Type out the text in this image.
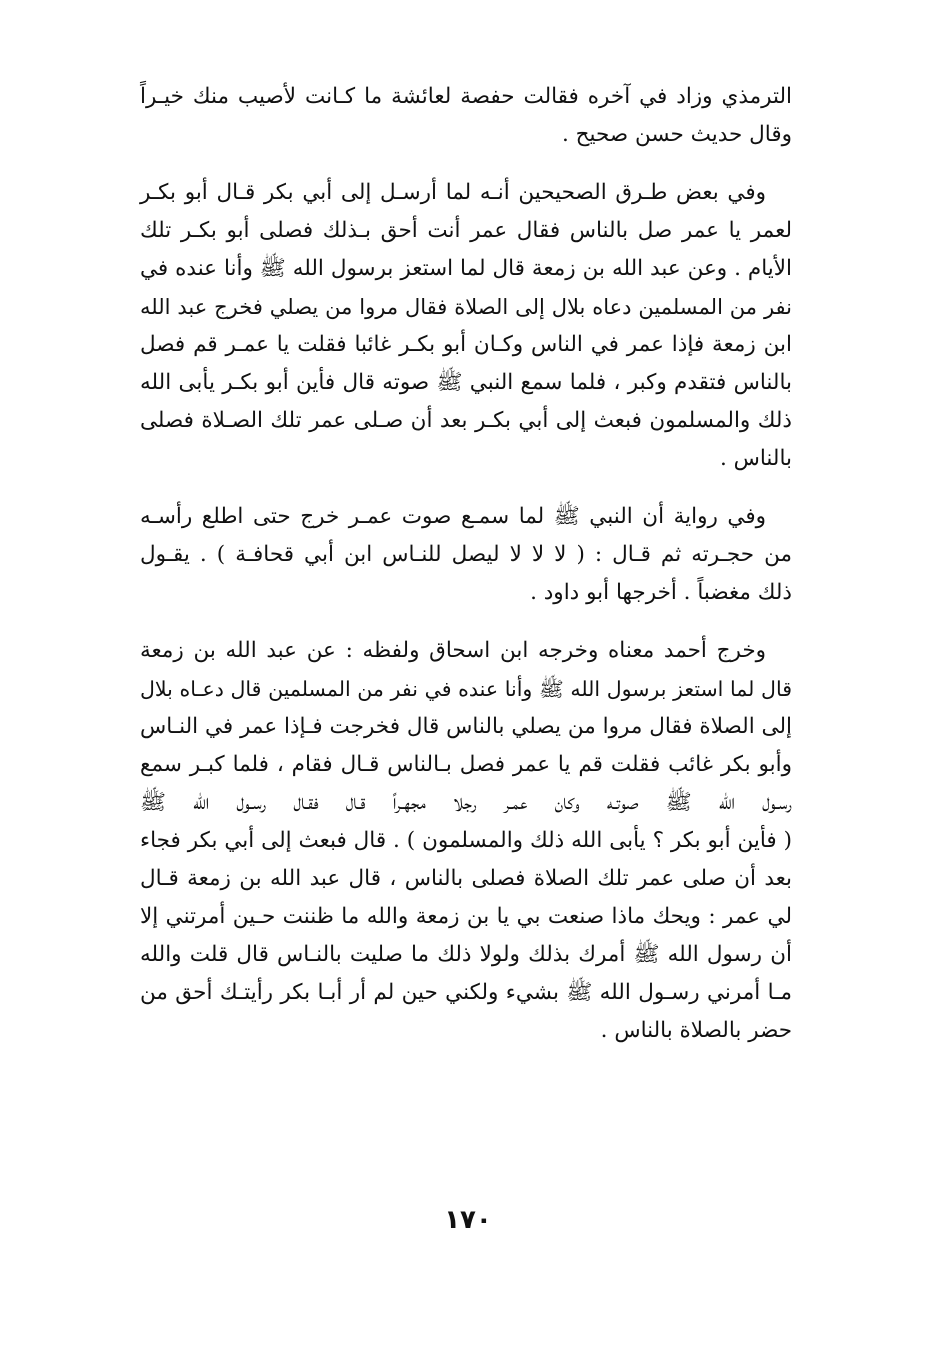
الترمذي وزاد في آخره فقالت حفصة لعائشة ما كـانت لأصيب منك خيـراً
وقال حديث حسن صحيح .

وفي بعض طـرق الصحيحين أنـه لما أرسـل إلى أبي بكر قـال أبو بكـر
لعمر يا عمر صل بالناس فقال عمر أنت أحق بـذلك فصلى أبو بكـر تلك
الأيام . وعن عبد الله بن زمعة قال لما استعز برسول الله ﷺ وأنا عنده في
نفر من المسلمين دعاه بلال إلى الصلاة فقال مروا من يصلي فخرج عبد الله
ابن زمعة فإذا عمر في الناس وكـان أبو بكـر غائبا فقلت يا عمـر قم فصل
بالناس فتقدم وكبر ، فلما سمع النبي ﷺ صوته قال فأين أبو بكـر يأبى الله
ذلك والمسلمون فبعث إلى أبي بكـر بعد أن صـلى عمر تلك الصـلاة فصلى
بالناس .

وفي رواية أن النبي ﷺ لما سمـع صوت عمـر خرج حتى اطلع رأسـه
من حجـرته ثم قـال : ( لا لا لا ليصل للنـاس ابن أبي قحافـة ) . يقـول
ذلك مغضباً . أخرجها أبو داود .

وخرج أحمد معناه وخرجه ابن اسحاق ولفظه : عن عبد الله بن زمعة
قال لما استعز برسول الله ﷺ وأنا عنده في نفر من المسلمين قال دعـاه بلال
إلى الصلاة فقال مروا من يصلي بالناس قال فخرجت فـإذا عمر في النـاس
وأبو بكر غائب فقلت قم يا عمر فصل بـالناس قـال فقام ، فلما كبـر سمع
رسـول الله ﷺ صوتـه وكان عمـر رجلا مجهـراً قـال فقـال رسـول الله ﷺ
( فأين أبو بكر ؟ يأبى الله ذلك والمسلمون ) . قال فبعث إلى أبي بكر فجاء
بعد أن صلى عمر تلك الصلاة فصلى بالناس ، قال عبد الله بن زمعة قـال
لي عمر : ويحك ماذا صنعت بي يا بن زمعة والله ما ظننت حـين أمرتني إلا
أن رسول الله ﷺ أمرك بذلك ولولا ذلك ما صليت بالنـاس قال قلت والله
مـا أمرني رسـول الله ﷺ بشيء ولكني حين لم أر أبـا بكر رأيتـك أحق من
حضر بالصلاة بالناس .

١٧٠
